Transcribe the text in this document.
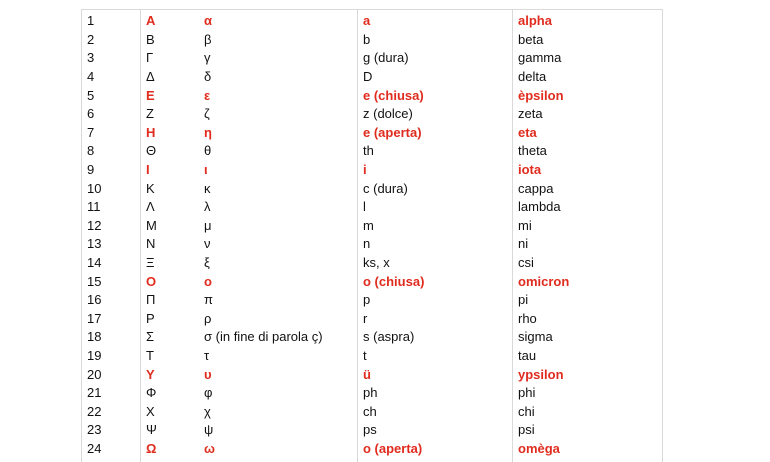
1	Α	α	a	alpha
2	Β	β	b	beta
3	Γ	γ	g (dura)	gamma
4	Δ	δ	D	delta
5	Ε	ε	e (chiusa)	èpsilon
6	Ζ	ζ	z (dolce)	zeta
7	Η	η	e (aperta)	eta
8	Θ	θ	th	theta
9	Ι	ι	i	iota
10	Κ	κ	c (dura)	cappa
11	Λ	λ	l	lambda
12	Μ	μ	m	mi
13	Ν	ν	n	ni
14	Ξ	ξ	ks, x	csi
15	Ο	ο	o (chiusa)	omicron
16	Π	π	p	pi
17	Ρ	ρ	r	rho
18	Σ	σ (in fine di parola ç)	s (aspra)	sigma
19	Τ	τ	t	tau
20	Υ	υ	ü	ypsilon
21	Φ	φ	ph	phi
22	Χ	χ	ch	chi
23	Ψ	ψ	ps	psi
24	Ω	ω	o (aperta)	omèga
